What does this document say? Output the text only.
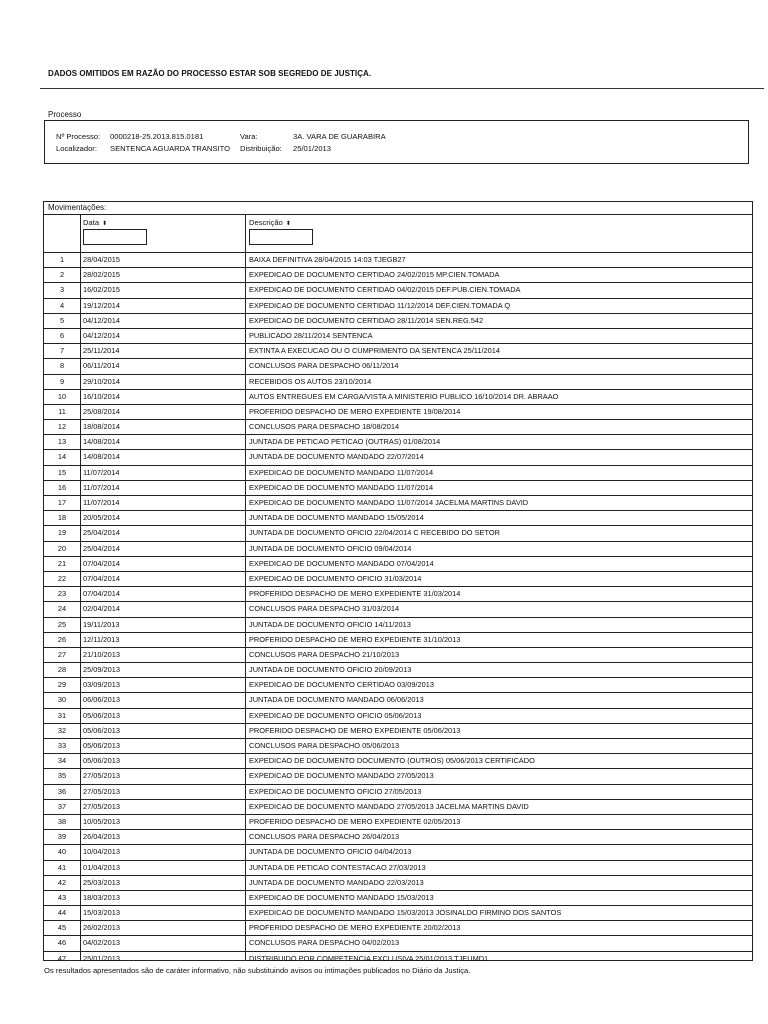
DADOS OMITIDOS EM RAZÃO DO PROCESSO ESTAR SOB SEGREDO DE JUSTIÇA.
Processo
Nº Processo: 0000218-25.2013.815.0181	Vara:	3A. VARA DE GUARABIRA
Localizador: SENTENCA AGUARDA TRANSITO Distribuição: 25/01/2013
Movimentações:
Data ⬍	Descrição ⬍
1	28/04/2015	BAIXA DEFINITIVA 28/04/2015 14:03 TJEGB27
2	28/02/2015	EXPEDICAO DE DOCUMENTO CERTIDAO 24/02/2015 MP.CIEN.TOMADA
3	16/02/2015	EXPEDICAO DE DOCUMENTO CERTIDAO 04/02/2015 DEF.PUB.CIEN.TOMADA
4	19/12/2014	EXPEDICAO DE DOCUMENTO CERTIDAO 11/12/2014 DEF.CIEN.TOMADA Q
5	04/12/2014	EXPEDICAO DE DOCUMENTO CERTIDAO 28/11/2014 SEN.REG.542
6	04/12/2014	PUBLICADO 28/11/2014 SENTENCA
7	25/11/2014	EXTINTA A EXECUCAO OU O CUMPRIMENTO DA SENTENCA 25/11/2014
8	06/11/2014	CONCLUSOS PARA DESPACHO 06/11/2014
9	29/10/2014	RECEBIDOS OS AUTOS 23/10/2014
10	16/10/2014	AUTOS ENTREGUES EM CARGA/VISTA A MINISTERIO PUBLICO 16/10/2014 DR. ABRAAO
11	25/08/2014	PROFERIDO DESPACHO DE MERO EXPEDIENTE 19/08/2014
12	18/08/2014	CONCLUSOS PARA DESPACHO 18/08/2014
13	14/08/2014	JUNTADA DE PETICAO PETICAO (OUTRAS) 01/08/2014
14	14/08/2014	JUNTADA DE DOCUMENTO MANDADO 22/07/2014
15	11/07/2014	EXPEDICAO DE DOCUMENTO MANDADO 11/07/2014
16	11/07/2014	EXPEDICAO DE DOCUMENTO MANDADO 11/07/2014
17	11/07/2014	EXPEDICAO DE DOCUMENTO MANDADO 11/07/2014 JACELMA MARTINS DAVID
18	20/05/2014	JUNTADA DE DOCUMENTO MANDADO 15/05/2014
19	25/04/2014	JUNTADA DE DOCUMENTO OFICIO 22/04/2014 C RECEBIDO DO SETOR
20	25/04/2014	JUNTADA DE DOCUMENTO OFICIO 09/04/2014
21	07/04/2014	EXPEDICAO DE DOCUMENTO MANDADO 07/04/2014
22	07/04/2014	EXPEDICAO DE DOCUMENTO OFICIO 31/03/2014
23	07/04/2014	PROFERIDO DESPACHO DE MERO EXPEDIENTE 31/03/2014
24	02/04/2014	CONCLUSOS PARA DESPACHO 31/03/2014
25	19/11/2013	JUNTADA DE DOCUMENTO OFICIO 14/11/2013
26	12/11/2013	PROFERIDO DESPACHO DE MERO EXPEDIENTE 31/10/2013
27	21/10/2013	CONCLUSOS PARA DESPACHO 21/10/2013
28	25/09/2013	JUNTADA DE DOCUMENTO OFICIO 20/09/2013
29	03/09/2013	EXPEDICAO DE DOCUMENTO CERTIDAO 03/09/2013
30	06/06/2013	JUNTADA DE DOCUMENTO MANDADO 06/06/2013
31	05/06/2013	EXPEDICAO DE DOCUMENTO OFICIO 05/06/2013
32	05/06/2013	PROFERIDO DESPACHO DE MERO EXPEDIENTE 05/06/2013
33	05/06/2013	CONCLUSOS PARA DESPACHO 05/06/2013
34	05/06/2013	EXPEDICAO DE DOCUMENTO DOCUMENTO (OUTROS) 05/06/2013 CERTIFICADO
35	27/05/2013	EXPEDICAO DE DOCUMENTO MANDADO 27/05/2013
36	27/05/2013	EXPEDICAO DE DOCUMENTO OFICIO 27/05/2013
37	27/05/2013	EXPEDICAO DE DOCUMENTO MANDADO 27/05/2013 JACELMA MARTINS DAVID
38	10/05/2013	PROFERIDO DESPACHO DE MERO EXPEDIENTE 02/05/2013
39	26/04/2013	CONCLUSOS PARA DESPACHO 26/04/2013
40	10/04/2013	JUNTADA DE DOCUMENTO OFICIO 04/04/2013
41	01/04/2013	JUNTADA DE PETICAO CONTESTACAO 27/03/2013
42	25/03/2013	JUNTADA DE DOCUMENTO MANDADO 22/03/2013
43	18/03/2013	EXPEDICAO DE DOCUMENTO MANDADO 15/03/2013
44	15/03/2013	EXPEDICAO DE DOCUMENTO MANDADO 15/03/2013 JOSINALDO FIRMINO DOS SANTOS
45	26/02/2013	PROFERIDO DESPACHO DE MERO EXPEDIENTE 20/02/2013
46	04/02/2013	CONCLUSOS PARA DESPACHO 04/02/2013
47	25/01/2013	DISTRIBUIDO POR COMPETENCIA EXCLUSIVA 25/01/2013 TJEUMD1
Os resultados apresentados são de caráter informativo, não substituindo avisos ou intimações publicados no Diário da Justiça.
